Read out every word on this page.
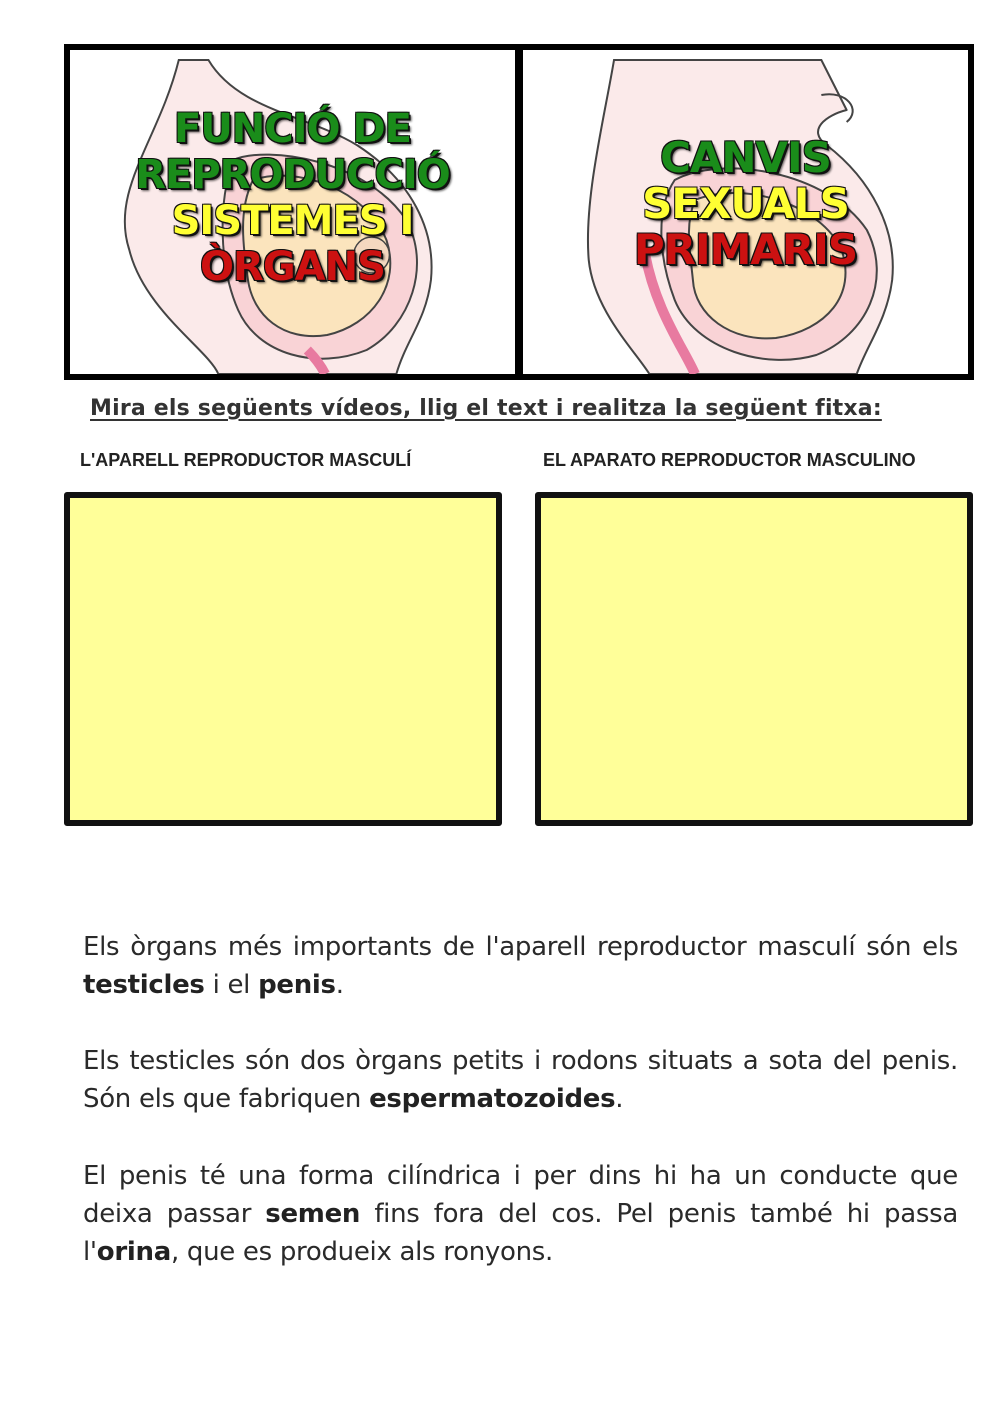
FUNCIÓ DE
REPRODUCCIÓ
SISTEMES I
ÒRGANS
CANVIS
SEXUALS
PRIMARIS
Mira els següents vídeos, llig el text i realitza la següent fitxa:
L'APARELL REPRODUCTOR MASCULÍ	EL APARATO REPRODUCTOR MASCULINO
Els òrgans més importants de l'aparell reproductor masculí són els testicles i el penis.
Els testicles són dos òrgans petits i rodons situats a sota del penis. Són els que fabriquen espermatozoides.
El penis té una forma cilíndrica i per dins hi ha un conducte que deixa passar semen fins fora del cos. Pel penis també hi passa l'orina, que es produeix als ronyons.
